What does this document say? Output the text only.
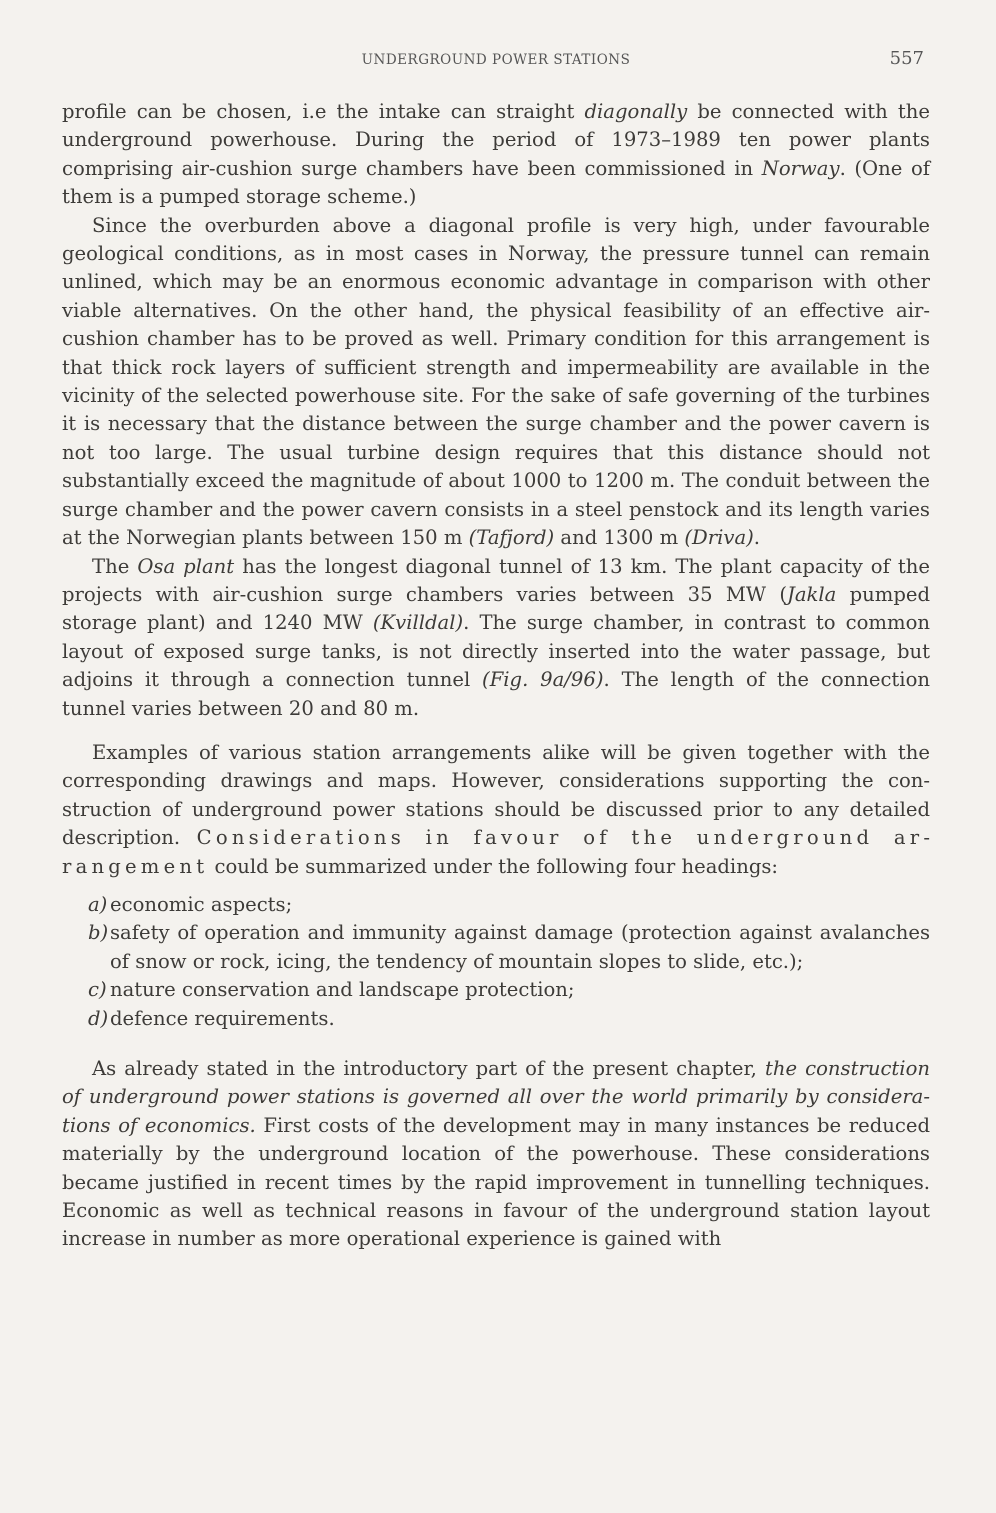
UNDERGROUND POWER STATIONS	557

profile can be chosen, i.e the intake can straight diagonally be connected with the underground powerhouse. During the period of 1973–1989 ten power plants comprising air-cushion surge chambers have been commissioned in Norway. (One of them is a pumped storage scheme.)

Since the overburden above a diagonal profile is very high, under favourable geological conditions, as in most cases in Norway, the pressure tunnel can remain unlined, which may be an enormous economic advantage in comparison with other viable alternatives. On the other hand, the physical feasibility of an effective air-cushion chamber has to be proved as well. Primary condition for this arrangement is that thick rock layers of sufficient strength and impermeability are available in the vicinity of the selected powerhouse site. For the sake of safe governing of the turbines it is necessary that the distance between the surge chamber and the power cavern is not too large. The usual turbine design requires that this distance should not substantially exceed the magnitude of about 1000 to 1200 m. The conduit between the surge chamber and the power cavern consists in a steel penstock and its length varies at the Norwegian plants between 150 m (Tafjord) and 1300 m (Driva).

The Osa plant has the longest diagonal tunnel of 13 km. The plant capacity of the projects with air-cushion surge chambers varies between 35 MW (Jakla pumped storage plant) and 1240 MW (Kvilldal). The surge chamber, in contrast to common layout of exposed surge tanks, is not directly inserted into the water passage, but adjoins it through a connection tunnel (Fig. 9a/96). The length of the connection tunnel varies between 20 and 80 m.

Examples of various station arrangements alike will be given together with the corresponding drawings and maps. However, considerations supporting the construction of underground power stations should be discussed prior to any detailed description. Considerations in favour of the underground arrangement could be summarized under the following four headings:

a) economic aspects;

b) safety of operation and immunity against damage (protection against avalanches of snow or rock, icing, the tendency of mountain slopes to slide, etc.);

c) nature conservation and landscape protection;

d) defence requirements.

As already stated in the introductory part of the present chapter, the construction of underground power stations is governed all over the world primarily by considerations of economics. First costs of the development may in many instances be reduced materially by the underground location of the powerhouse. These considerations became justified in recent times by the rapid improvement in tunnelling techniques. Economic as well as technical reasons in favour of the underground station layout increase in number as more operational experience is gained with
